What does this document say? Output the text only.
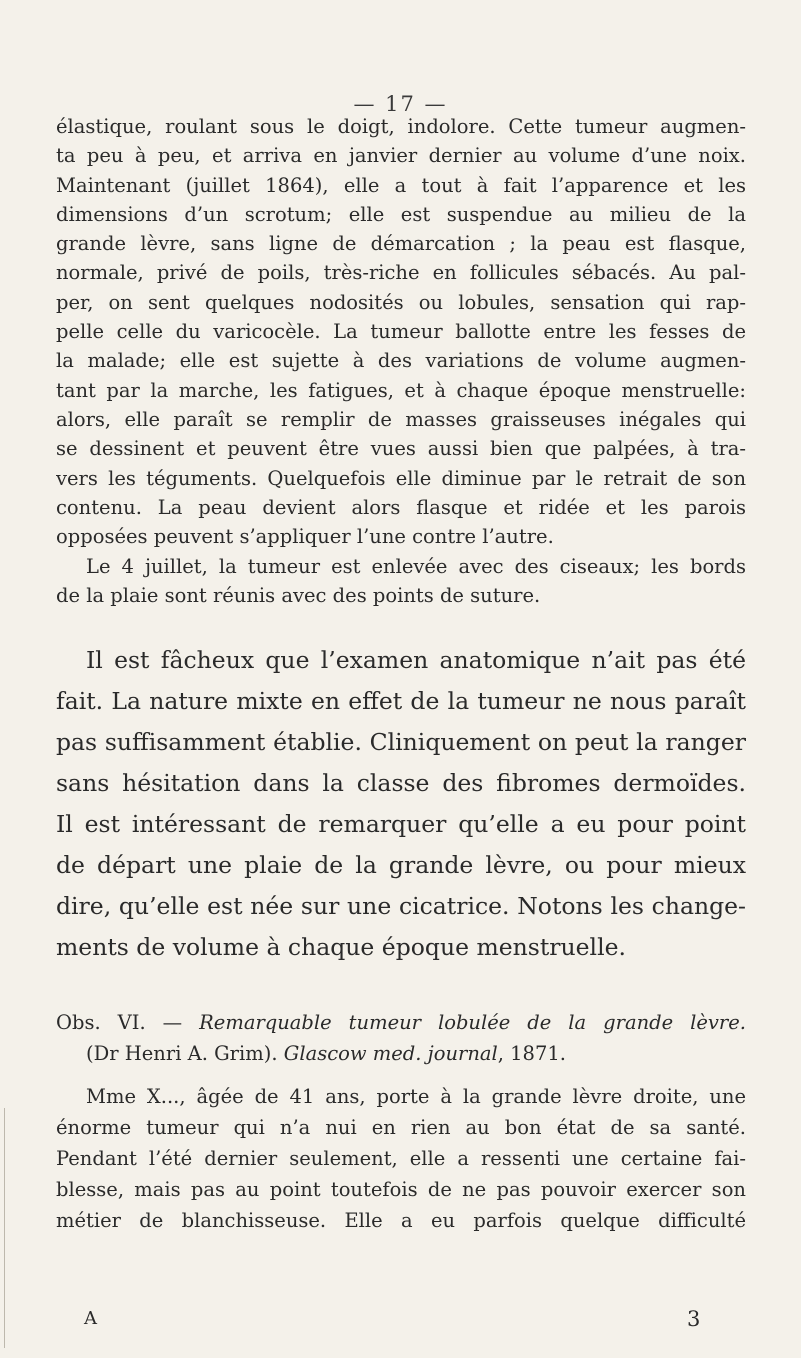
— 17 —
élastique, roulant sous le doigt, indolore. Cette tumeur augmen-
ta peu à peu, et arriva en janvier dernier au volume d’une noix.
Maintenant (juillet 1864), elle a tout à fait l’apparence et les
dimensions d’un scrotum; elle est suspendue au milieu de la
grande lèvre, sans ligne de démarcation ; la peau est flasque,
normale, privé de poils, très-riche en follicules sébacés. Au pal-
per, on sent quelques nodosités ou lobules, sensation qui rap-
pelle celle du varicocèle. La tumeur ballotte entre les fesses de
la malade; elle est sujette à des variations de volume augmen-
tant par la marche, les fatigues, et à chaque époque menstruelle:
alors, elle paraît se remplir de masses graisseuses inégales qui
se dessinent et peuvent être vues aussi bien que palpées, à tra-
vers les téguments. Quelquefois elle diminue par le retrait de son
contenu. La peau devient alors flasque et ridée et les parois
opposées peuvent s’appliquer l’une contre l’autre.
Le 4 juillet, la tumeur est enlevée avec des ciseaux; les bords
de la plaie sont réunis avec des points de suture.
Il est fâcheux que l’examen anatomique n’ait pas été
fait. La nature mixte en effet de la tumeur ne nous paraît
pas suffisamment établie. Cliniquement on peut la ranger
sans hésitation dans la classe des fibromes dermoïdes.
Il est intéressant de remarquer qu’elle a eu pour point
de départ une plaie de la grande lèvre, ou pour mieux
dire, qu’elle est née sur une cicatrice. Notons les change-
ments de volume à chaque époque menstruelle.
Obs. VI. — Remarquable tumeur lobulée de la grande lèvre.
(Dr Henri A. Grim). Glascow med. journal, 1871.
Mme X..., âgée de 41 ans, porte à la grande lèvre droite, une
énorme tumeur qui n’a nui en rien au bon état de sa santé.
Pendant l’été dernier seulement, elle a ressenti une certaine fai-
blesse, mais pas au point toutefois de ne pas pouvoir exercer son
métier de blanchisseuse. Elle a eu parfois quelque difficulté
A	3
